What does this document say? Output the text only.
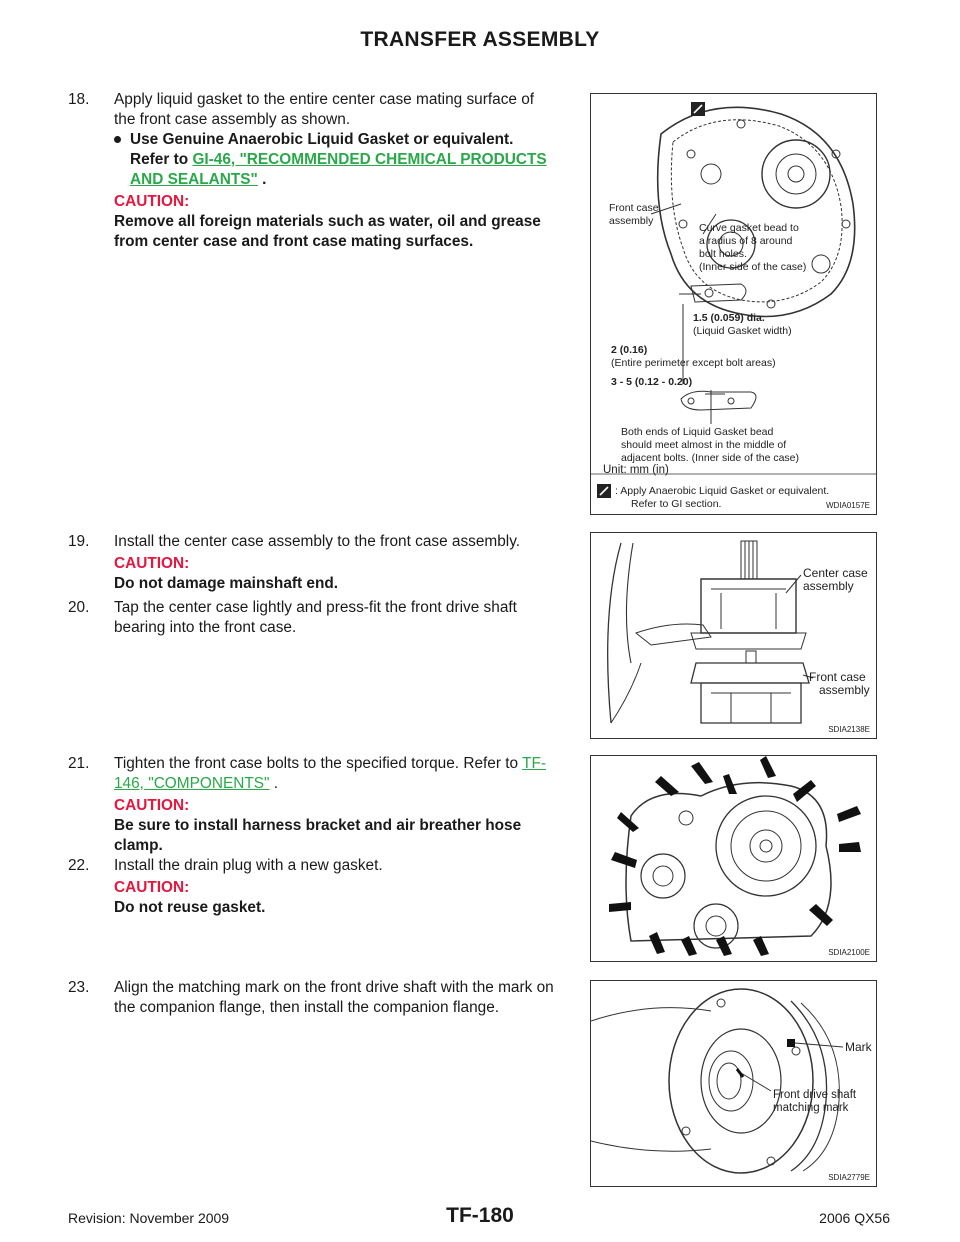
TRANSFER ASSEMBLY
18. Apply liquid gasket to the entire center case mating surface of
the front case assembly as shown.
Use Genuine Anaerobic Liquid Gasket or equivalent.
Refer to GI-46, "RECOMMENDED CHEMICAL PRODUCTS
AND SEALANTS" .
CAUTION:
Remove all foreign materials such as water, oil and grease
from center case and front case mating surfaces.
Front case
assembly
Curve gasket bead to
a radius of 8 around
bolt holes.
(Inner side of the case)
1.5 (0.059) dia.
(Liquid Gasket width)
2 (0.16)
(Entire perimeter except bolt areas)
3 - 5 (0.12 - 0.20)
Both ends of Liquid Gasket bead
should meet almost in the middle of
adjacent bolts. (Inner side of the case)
Unit: mm (in)
: Apply Anaerobic Liquid Gasket or equivalent.
Refer to GI section.	WDIA0157E
19. Install the center case assembly to the front case assembly.
CAUTION:
Do not damage mainshaft end.
20. Tap the center case lightly and press-fit the front drive shaft
bearing into the front case.
Center case
assembly
Front case
assembly
SDIA2138E
21. Tighten the front case bolts to the specified torque. Refer to TF-
146, "COMPONENTS" .
CAUTION:
Be sure to install harness bracket and air breather hose
clamp.
22. Install the drain plug with a new gasket.
CAUTION:
Do not reuse gasket.
SDIA2100E
23. Align the matching mark on the front drive shaft with the mark on
the companion flange, then install the companion flange.
Mark
Front drive shaft
matching mark
SDIA2779E
Revision: November 2009	TF-180	2006 QX56
